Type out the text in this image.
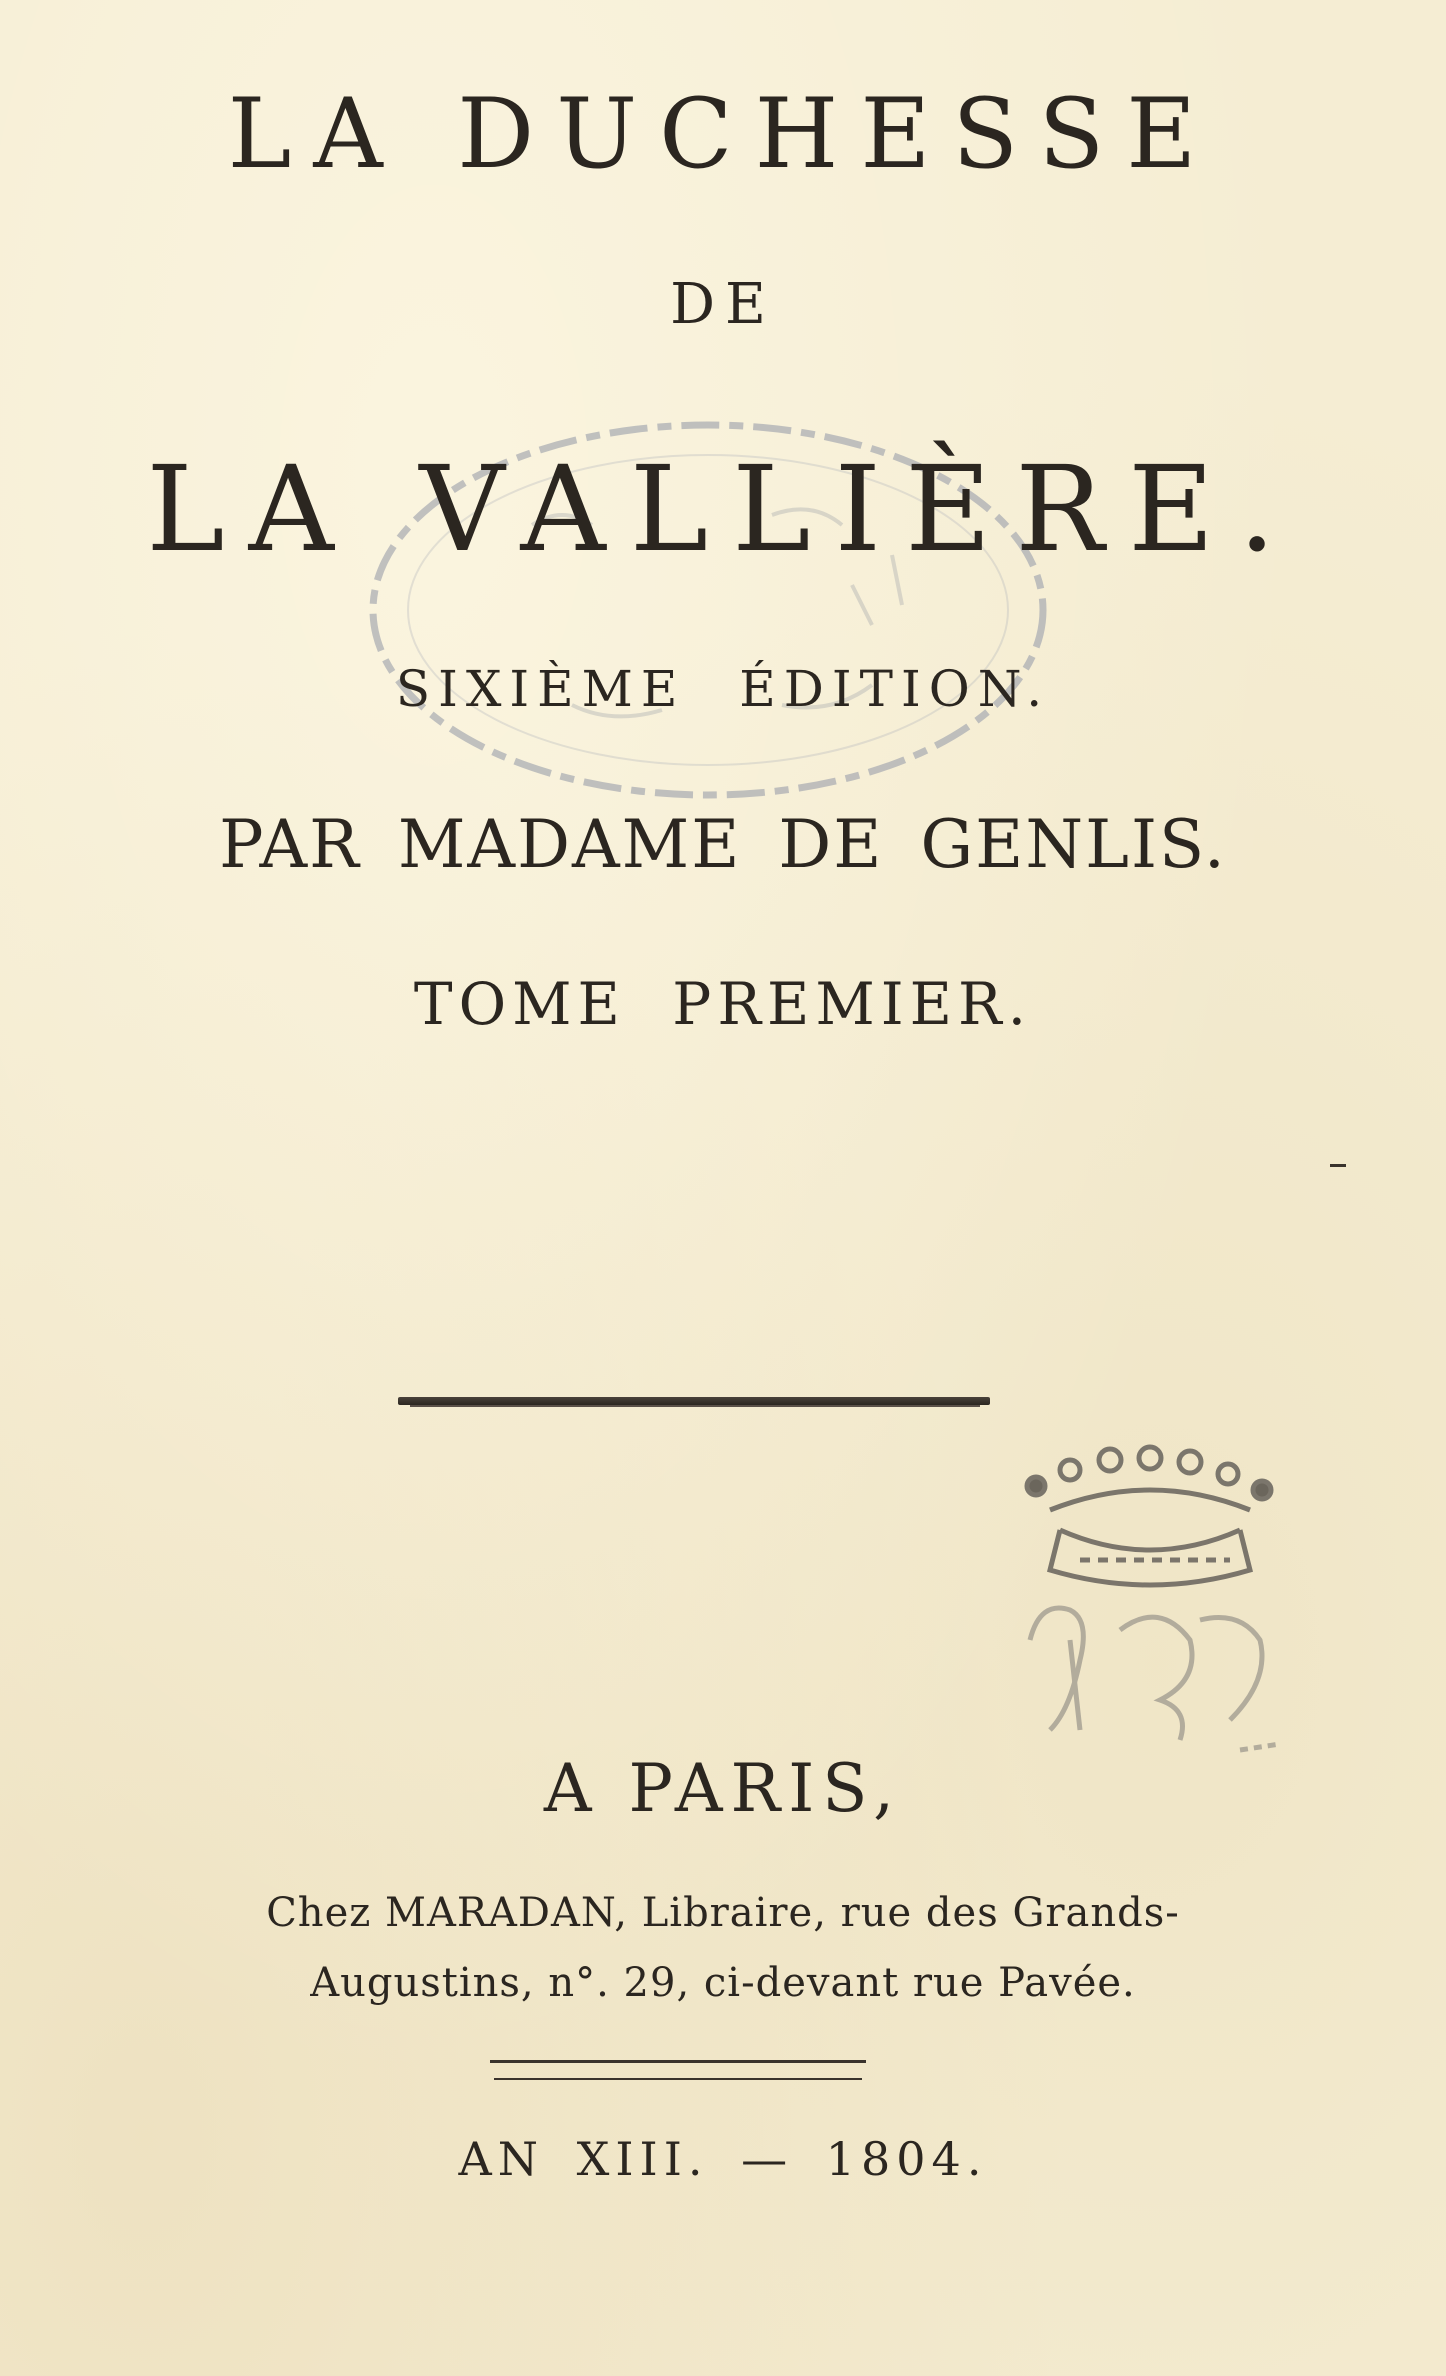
LA DUCHESSE
DE
LA VALLIÈRE.
SIXIÈME ÉDITION.
PAR MADAME DE GENLIS.
TOME PREMIER.
A PARIS,
Chez MARADAN, Libraire, rue des Grands-
Augustins, n°. 29, ci-devant rue Pavée.
AN XIII. — 1804.
